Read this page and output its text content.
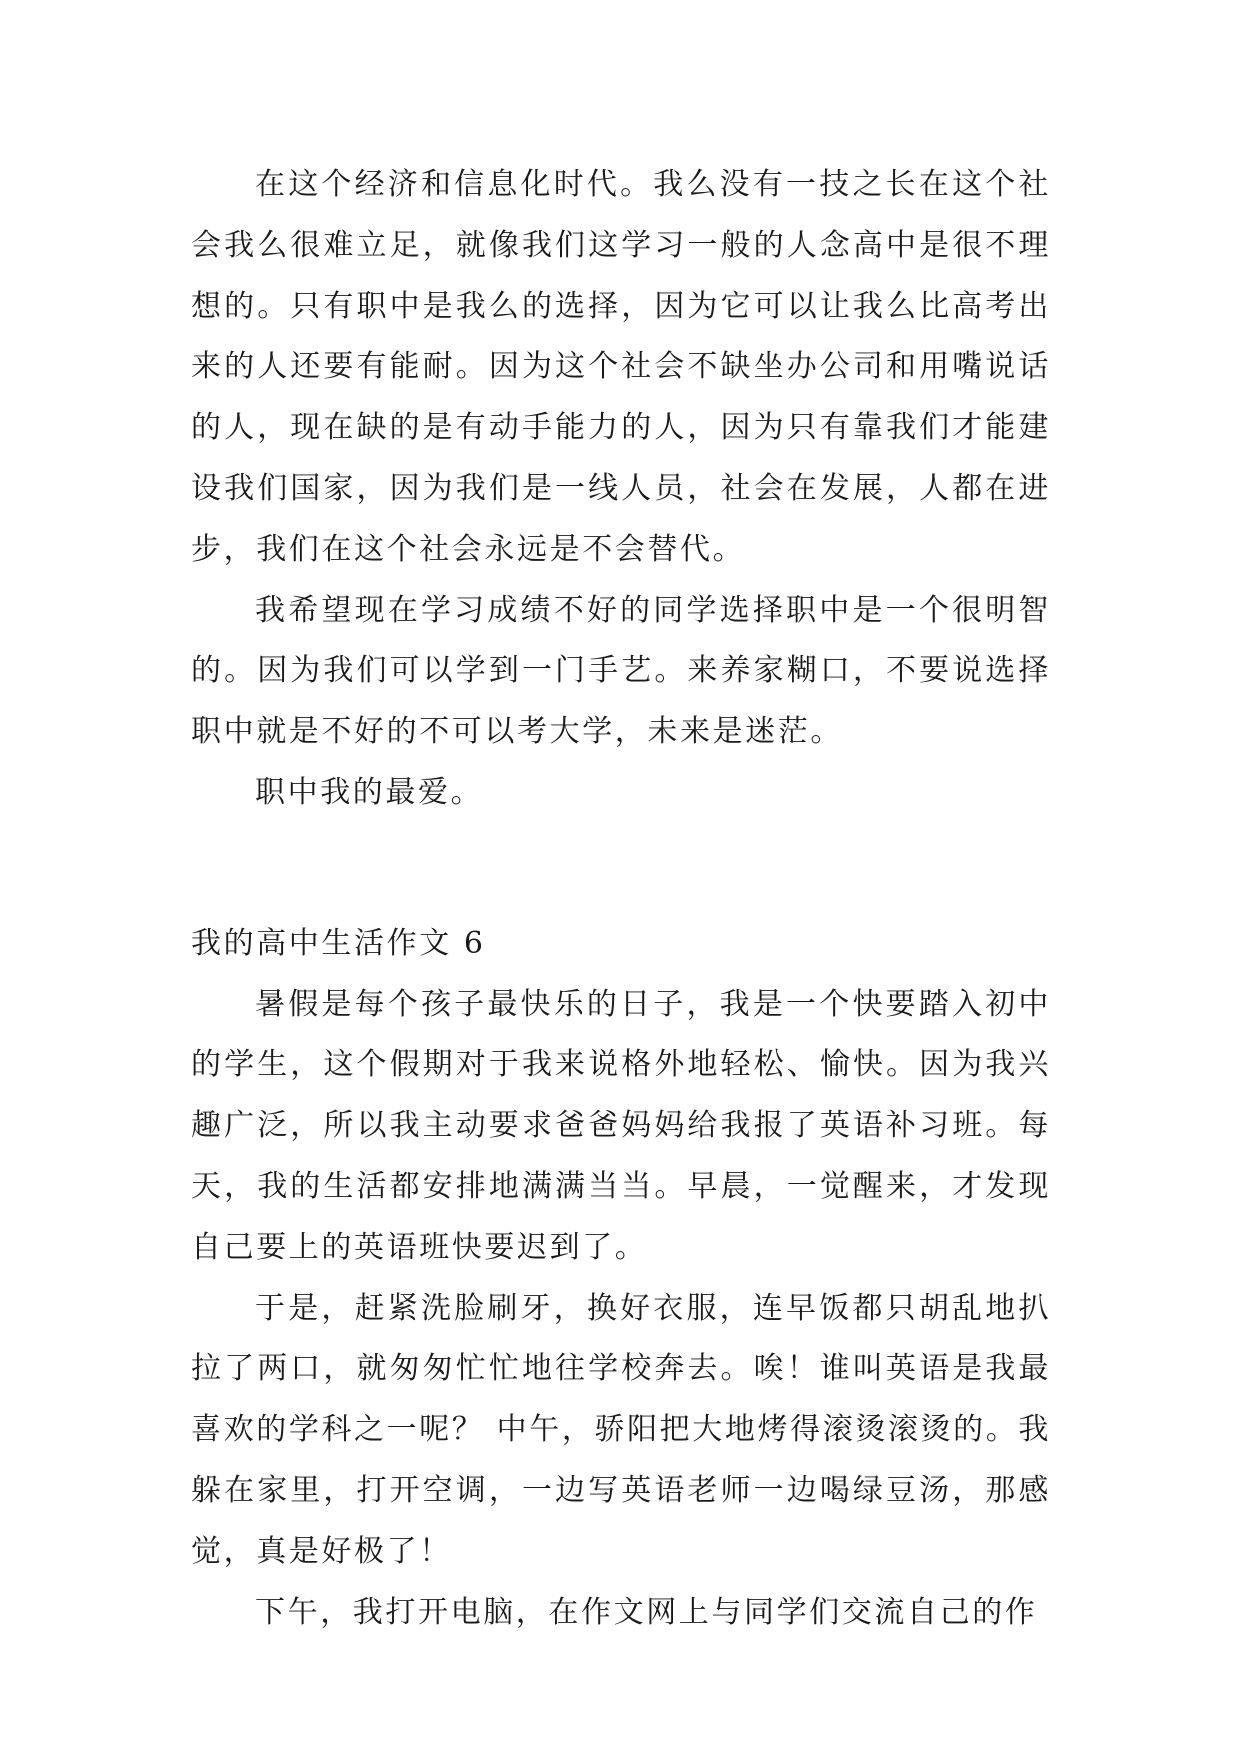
在这个经济和信息化时代。我么没有一技之长在这个社会我么很难立足，就像我们这学习一般的人念高中是很不理想的。只有职中是我么的选择，因为它可以让我么比高考出来的人还要有能耐。因为这个社会不缺坐办公司和用嘴说话的人，现在缺的是有动手能力的人，因为只有靠我们才能建设我们国家，因为我们是一线人员，社会在发展，人都在进步，我们在这个社会永远是不会替代。

我希望现在学习成绩不好的同学选择职中是一个很明智的。因为我们可以学到一门手艺。来养家糊口，不要说选择职中就是不好的不可以考大学，未来是迷茫。

职中我的最爱。

我的高中生活作文 6

暑假是每个孩子最快乐的日子，我是一个快要踏入初中的学生，这个假期对于我来说格外地轻松、愉快。因为我兴趣广泛，所以我主动要求爸爸妈妈给我报了英语补习班。每天，我的生活都安排地满满当当。早晨，一觉醒来，才发现自己要上的英语班快要迟到了。

于是，赶紧洗脸刷牙，换好衣服，连早饭都只胡乱地扒拉了两口，就匆匆忙忙地往学校奔去。唉！谁叫英语是我最喜欢的学科之一呢？ 中午，骄阳把大地烤得滚烫滚烫的。我躲在家里，打开空调，一边写英语老师一边喝绿豆汤，那感觉，真是好极了！

下午，我打开电脑，在作文网上与同学们交流自己的作
